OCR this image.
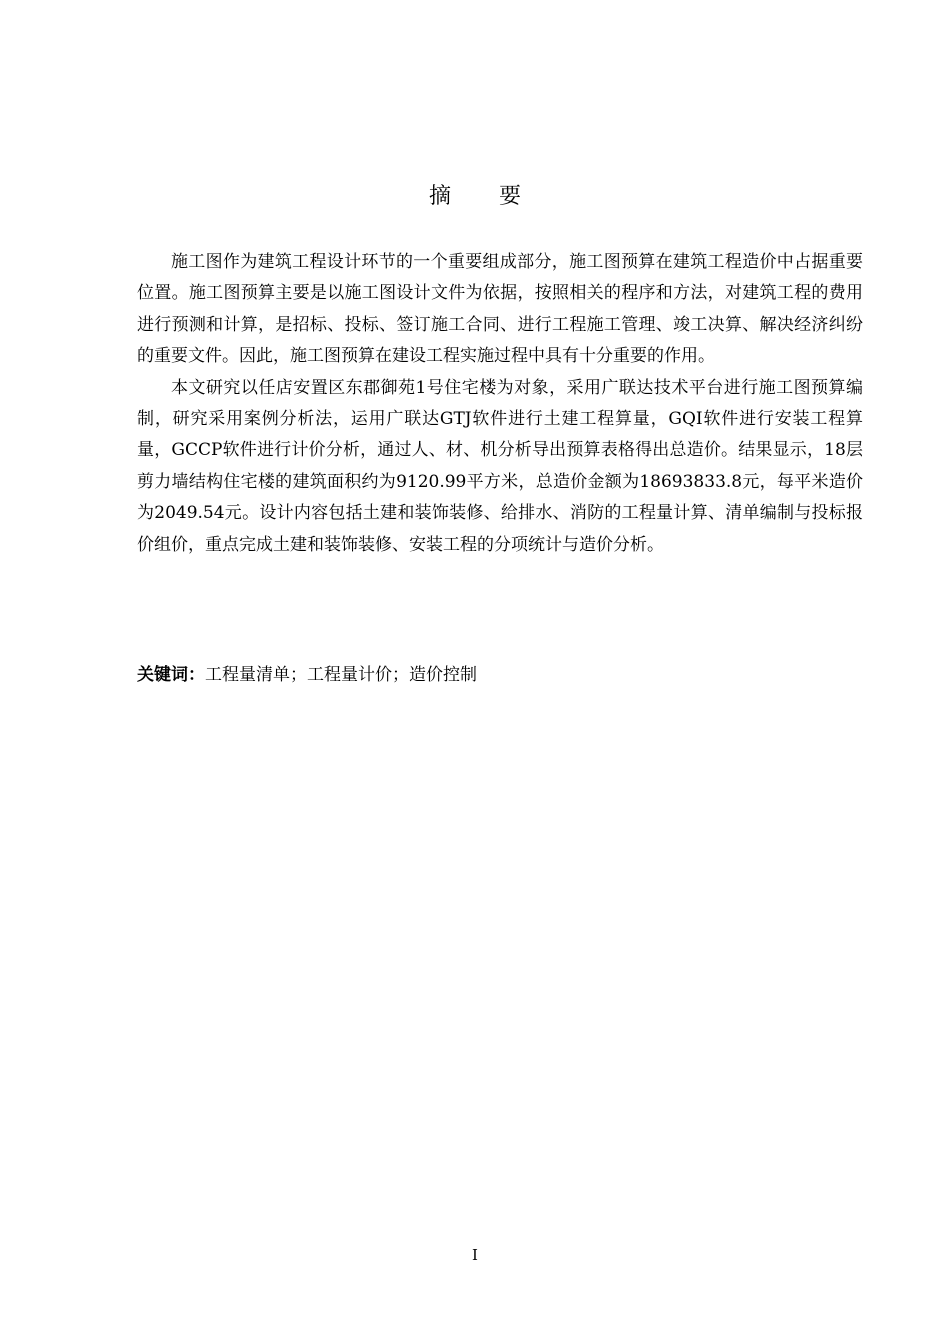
摘要

施工图作为建筑工程设计环节的一个重要组成部分，施工图预算在建筑工程造价中占据重要位置。施工图预算主要是以施工图设计文件为依据，按照相关的程序和方法，对建筑工程的费用进行预测和计算，是招标、投标、签订施工合同、进行工程施工管理、竣工决算、解决经济纠纷的重要文件。因此，施工图预算在建设工程实施过程中具有十分重要的作用。

本文研究以任店安置区东郡御苑1号住宅楼为对象，采用广联达技术平台进行施工图预算编制，研究采用案例分析法，运用广联达GTJ软件进行土建工程算量，GQI软件进行安装工程算量，GCCP软件进行计价分析，通过人、材、机分析导出预算表格得出总造价。结果显示，18层剪力墙结构住宅楼的建筑面积约为9120.99平方米，总造价金额为18693833.8元，每平米造价为2049.54元。设计内容包括土建和装饰装修、给排水、消防的工程量计算、清单编制与投标报价组价，重点完成土建和装饰装修、安装工程的分项统计与造价分析。

关键词：工程量清单；工程量计价；造价控制
I
